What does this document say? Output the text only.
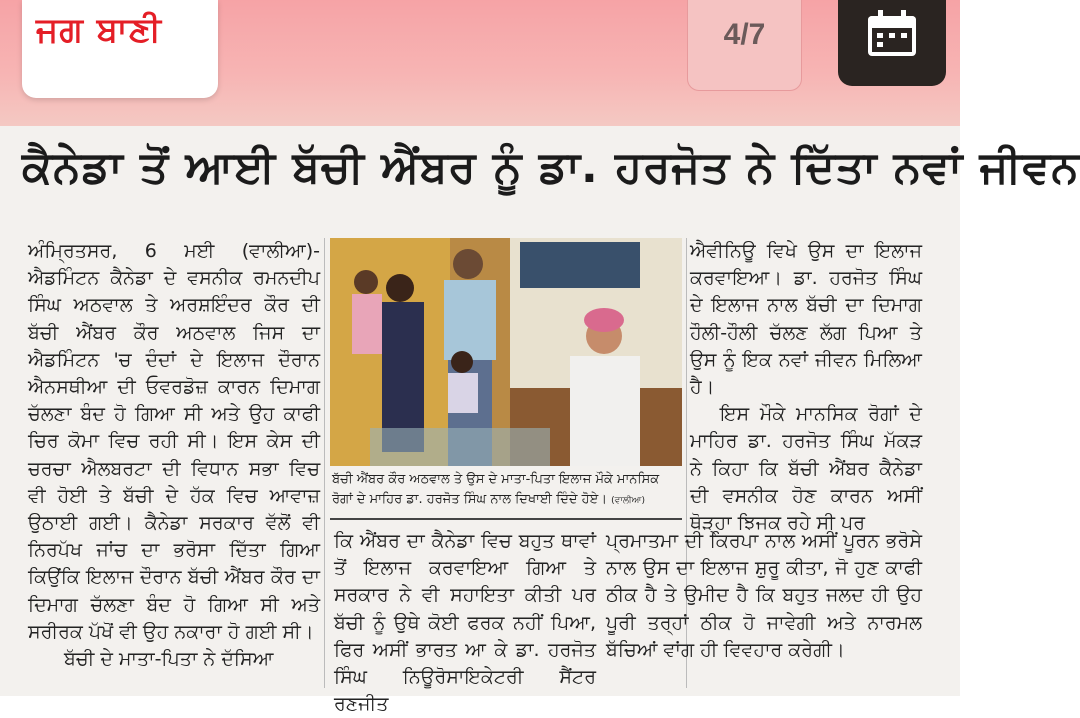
ਜਗ ਬਾਣੀ	4/7
ਕੈਨੇਡਾ ਤੋਂ ਆਈ ਬੱਚੀ ਐਂਬਰ ਨੂੰ ਡਾ. ਹਰਜੋਤ ਨੇ ਦਿੱਤਾ ਨਵਾਂ ਜੀਵਨ

ਅੰਮ੍ਰਿਤਸਰ, 6 ਮਈ (ਵਾਲੀਆ)- ਐਡਮਿੰਟਨ ਕੈਨੇਡਾ ਦੇ ਵਸਨੀਕ ਰਮਨਦੀਪ ਸਿੰਘ ਅਠਵਾਲ ਤੇ ਅਰਸ਼ਇੰਦਰ ਕੌਰ ਦੀ ਬੱਚੀ ਐਂਬਰ ਕੌਰ ਅਠਵਾਲ ਜਿਸ ਦਾ ਐਡਮਿੰਟਨ 'ਚ ਦੰਦਾਂ ਦੇ ਇਲਾਜ ਦੌਰਾਨ ਐਨਸਥੀਆ ਦੀ ਓਵਰਡੋਜ਼ ਕਾਰਨ ਦਿਮਾਗ ਚੱਲਣਾ ਬੰਦ ਹੋ ਗਿਆ ਸੀ ਅਤੇ ਉਹ ਕਾਫੀ ਚਿਰ ਕੋਮਾ ਵਿਚ ਰਹੀ ਸੀ। ਇਸ ਕੇਸ ਦੀ ਚਰਚਾ ਐਲਬਰਟਾ ਦੀ ਵਿਧਾਨ ਸਭਾ ਵਿਚ ਵੀ ਹੋਈ ਤੇ ਬੱਚੀ ਦੇ ਹੱਕ ਵਿਚ ਆਵਾਜ਼ ਉਠਾਈ ਗਈ। ਕੈਨੇਡਾ ਸਰਕਾਰ ਵੱਲੋਂ ਵੀ ਨਿਰਪੱਖ ਜਾਂਚ ਦਾ ਭਰੋਸਾ ਦਿੱਤਾ ਗਿਆ ਕਿਉਂਕਿ ਇਲਾਜ ਦੌਰਾਨ ਬੱਚੀ ਐਂਬਰ ਕੌਰ ਦਾ ਦਿਮਾਗ ਚੱਲਣਾ ਬੰਦ ਹੋ ਗਿਆ ਸੀ ਅਤੇ ਸਰੀਰਕ ਪੱਖੋਂ ਵੀ ਉਹ ਨਕਾਰਾ ਹੋ ਗਈ ਸੀ।

ਬੱਚੀ ਦੇ ਮਾਤਾ-ਪਿਤਾ ਨੇ ਦੱਸਿਆ

ਬੱਚੀ ਐਂਬਰ ਕੌਰ ਅਠਵਾਲ ਤੇ ਉਸ ਦੇ ਮਾਤਾ-ਪਿਤਾ ਇਲਾਜ ਮੌਕੇ ਮਾਨਸਿਕ ਰੋਗਾਂ ਦੇ ਮਾਹਿਰ ਡਾ. ਹਰਜੋਤ ਸਿੰਘ ਨਾਲ ਦਿਖਾਈ ਦਿੰਦੇ ਹੋਏ। (ਵਾਲੀਆ)

ਐਵੀਨਿਊ ਵਿਖੇ ਉਸ ਦਾ ਇਲਾਜ ਕਰਵਾਇਆ। ਡਾ. ਹਰਜੋਤ ਸਿੰਘ ਦੇ ਇਲਾਜ ਨਾਲ ਬੱਚੀ ਦਾ ਦਿਮਾਗ ਹੌਲੀ-ਹੌਲੀ ਚੱਲਣ ਲੱਗ ਪਿਆ ਤੇ ਉਸ ਨੂੰ ਇਕ ਨਵਾਂ ਜੀਵਨ ਮਿਲਿਆ ਹੈ।

ਇਸ ਮੌਕੇ ਮਾਨਸਿਕ ਰੋਗਾਂ ਦੇ ਮਾਹਿਰ ਡਾ. ਹਰਜੋਤ ਸਿੰਘ ਮੱਕੜ ਨੇ ਕਿਹਾ ਕਿ ਬੱਚੀ ਐਂਬਰ ਕੈਨੇਡਾ ਦੀ ਵਸਨੀਕ ਹੋਣ ਕਾਰਨ ਅਸੀਂ ਥੋੜ੍ਹਾ ਝਿਜਕ ਰਹੇ ਸੀ ਪਰ

ਕਿ ਐਂਬਰ ਦਾ ਕੈਨੇਡਾ ਵਿਚ ਬਹੁਤ ਥਾਵਾਂ ਤੋਂ ਇਲਾਜ ਕਰਵਾਇਆ ਗਿਆ ਤੇ ਸਰਕਾਰ ਨੇ ਵੀ ਸਹਾਇਤਾ ਕੀਤੀ ਪਰ ਬੱਚੀ ਨੂੰ ਉਥੇ ਕੋਈ ਫਰਕ ਨਹੀਂ ਪਿਆ, ਫਿਰ ਅਸੀਂ ਭਾਰਤ ਆ ਕੇ ਡਾ. ਹਰਜੋਤ ਸਿੰਘ ਨਿਊਰੋਸਾਇਕੇਟਰੀ ਸੈਂਟਰ ਰਣਜੀਤ

ਪ੍ਰਮਾਤਮਾ ਦੀ ਕਿਰਪਾ ਨਾਲ ਅਸੀਂ ਪੂਰਨ ਭਰੋਸੇ ਨਾਲ ਉਸ ਦਾ ਇਲਾਜ ਸ਼ੁਰੂ ਕੀਤਾ, ਜੋ ਹੁਣ ਕਾਫੀ ਠੀਕ ਹੈ ਤੇ ਉਮੀਦ ਹੈ ਕਿ ਬਹੁਤ ਜਲਦ ਹੀ ਉਹ ਪੂਰੀ ਤਰ੍ਹਾਂ ਠੀਕ ਹੋ ਜਾਵੇਗੀ ਅਤੇ ਨਾਰਮਲ ਬੱਚਿਆਂ ਵਾਂਗ ਹੀ ਵਿਵਹਾਰ ਕਰੇਗੀ।
